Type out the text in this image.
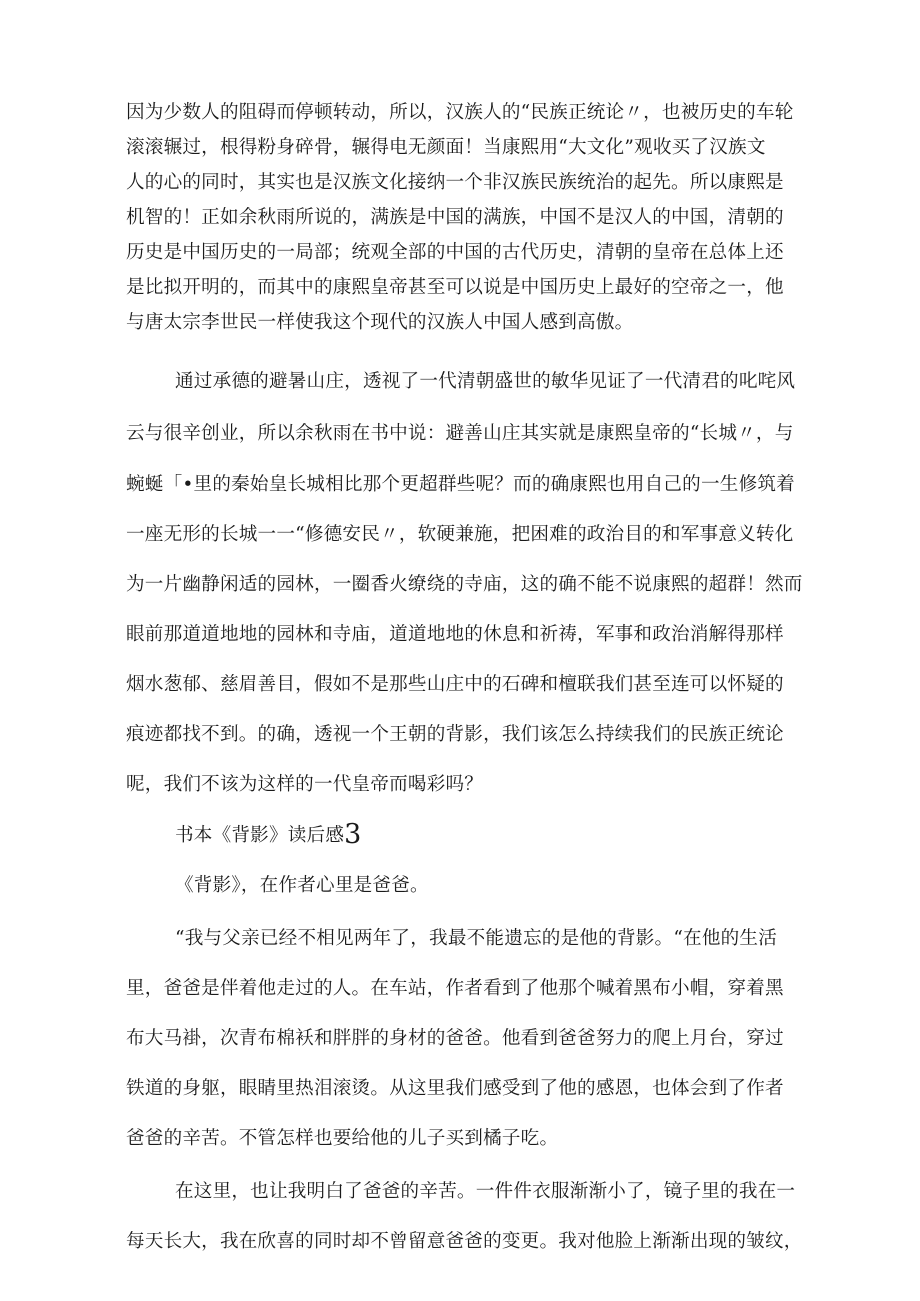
因为少数人的阻碍而停顿转动，所以，汉族人的“民族正统论〃，也被历史的车轮
滚滚辗过，根得粉身碎骨，辗得电无颜面！当康熙用“大文化”观收买了汉族文
人的心的同时，其实也是汉族文化接纳一个非汉族民族统治的起先。所以康熙是
机智的！正如余秋雨所说的，满族是中国的满族，中国不是汉人的中国，清朝的
历史是中国历史的一局部；统观全部的中国的古代历史，清朝的皇帝在总体上还
是比拟开明的，而其中的康熙皇帝甚至可以说是中国历史上最好的空帝之一，他
与唐太宗李世民一样使我这个现代的汉族人中国人感到高傲。
通过承德的避暑山庄，透视了一代清朝盛世的敏华见证了一代清君的叱咤风
云与很辛创业，所以余秋雨在书中说：避善山庄其实就是康熙皇帝的“长城〃，与
蜿蜒「•里的秦始皇长城相比那个更超群些呢？而的确康熙也用自己的一生修筑着
一座无形的长城一一“修德安民〃，软硬兼施，把困难的政治目的和军事意义转化
为一片幽静闲适的园林，一圈香火缭绕的寺庙，这的确不能不说康熙的超群！然而
眼前那道道地地的园林和寺庙，道道地地的休息和祈祷，军事和政治消解得那样
烟水葱郁、慈眉善目，假如不是那些山庄中的石碑和檀联我们甚至连可以怀疑的
痕迹都找不到。的确，透视一个王朝的背影，我们该怎么持续我们的民族正统论
呢，我们不该为这样的一代皇帝而喝彩吗？
书本《背影》读后感3
《背影》，在作者心里是爸爸。
“我与父亲已经不相见两年了，我最不能遗忘的是他的背影。“在他的生活
里，爸爸是伴着他走过的人。在车站，作者看到了他那个喊着黑布小帽，穿着黑
布大马褂，次青布棉袄和胖胖的身材的爸爸。他看到爸爸努力的爬上月台，穿过
铁道的身躯，眼睛里热泪滚烫。从这里我们感受到了他的感恩，也体会到了作者
爸爸的辛苦。不管怎样也要给他的儿子买到橘子吃。
在这里，也让我明白了爸爸的辛苦。一件件衣服渐渐小了，镜子里的我在一
每天长大，我在欣喜的同时却不曾留意爸爸的变更。我对他脸上渐渐出现的皱纹，
